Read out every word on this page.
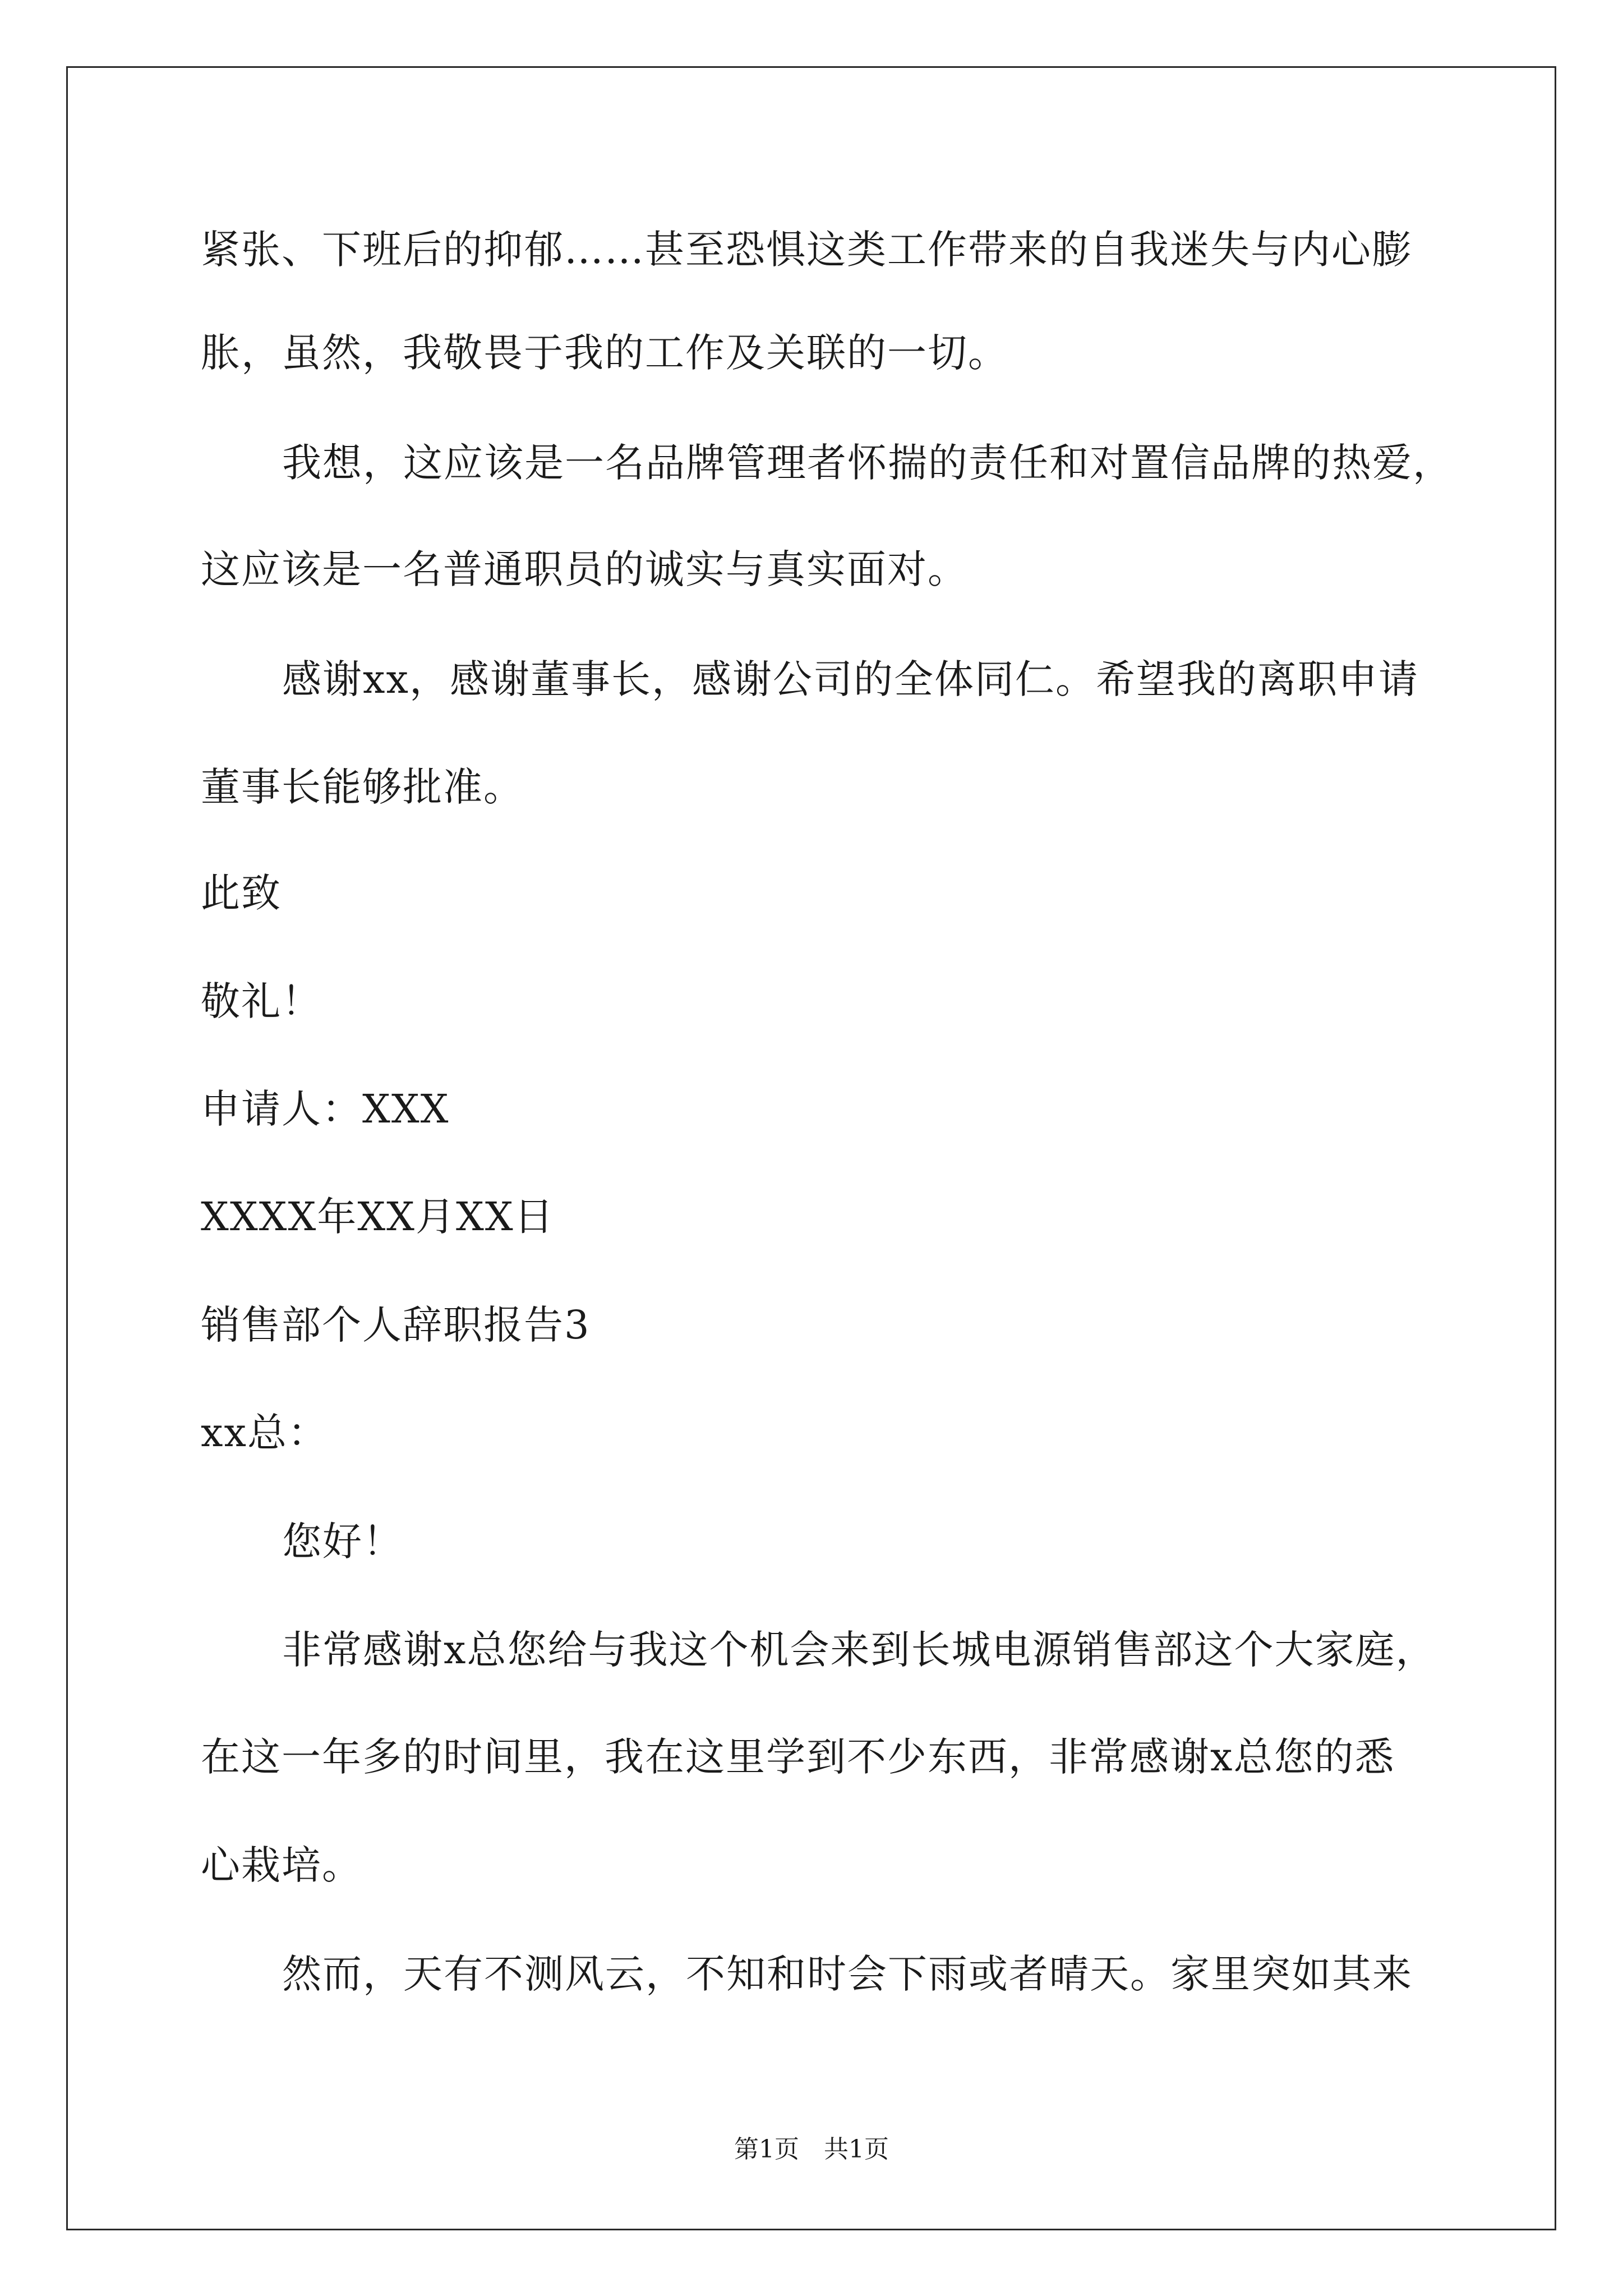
紧张、下班后的抑郁……甚至恐惧这类工作带来的自我迷失与内心膨
胀，虽然，我敬畏于我的工作及关联的一切。
我想，这应该是一名品牌管理者怀揣的责任和对置信品牌的热爱，
这应该是一名普通职员的诚实与真实面对。
感谢xx，感谢董事长，感谢公司的全体同仁。希望我的离职申请
董事长能够批准。
此致
敬礼！
申请人：XXX
XXXX年XX月XX日
销售部个人辞职报告3
xx总：
您好！
非常感谢x总您给与我这个机会来到长城电源销售部这个大家庭，
在这一年多的时间里，我在这里学到不少东西，非常感谢x总您的悉
心栽培。
然而，天有不测风云，不知和时会下雨或者晴天。家里突如其来
第1页　共1页
